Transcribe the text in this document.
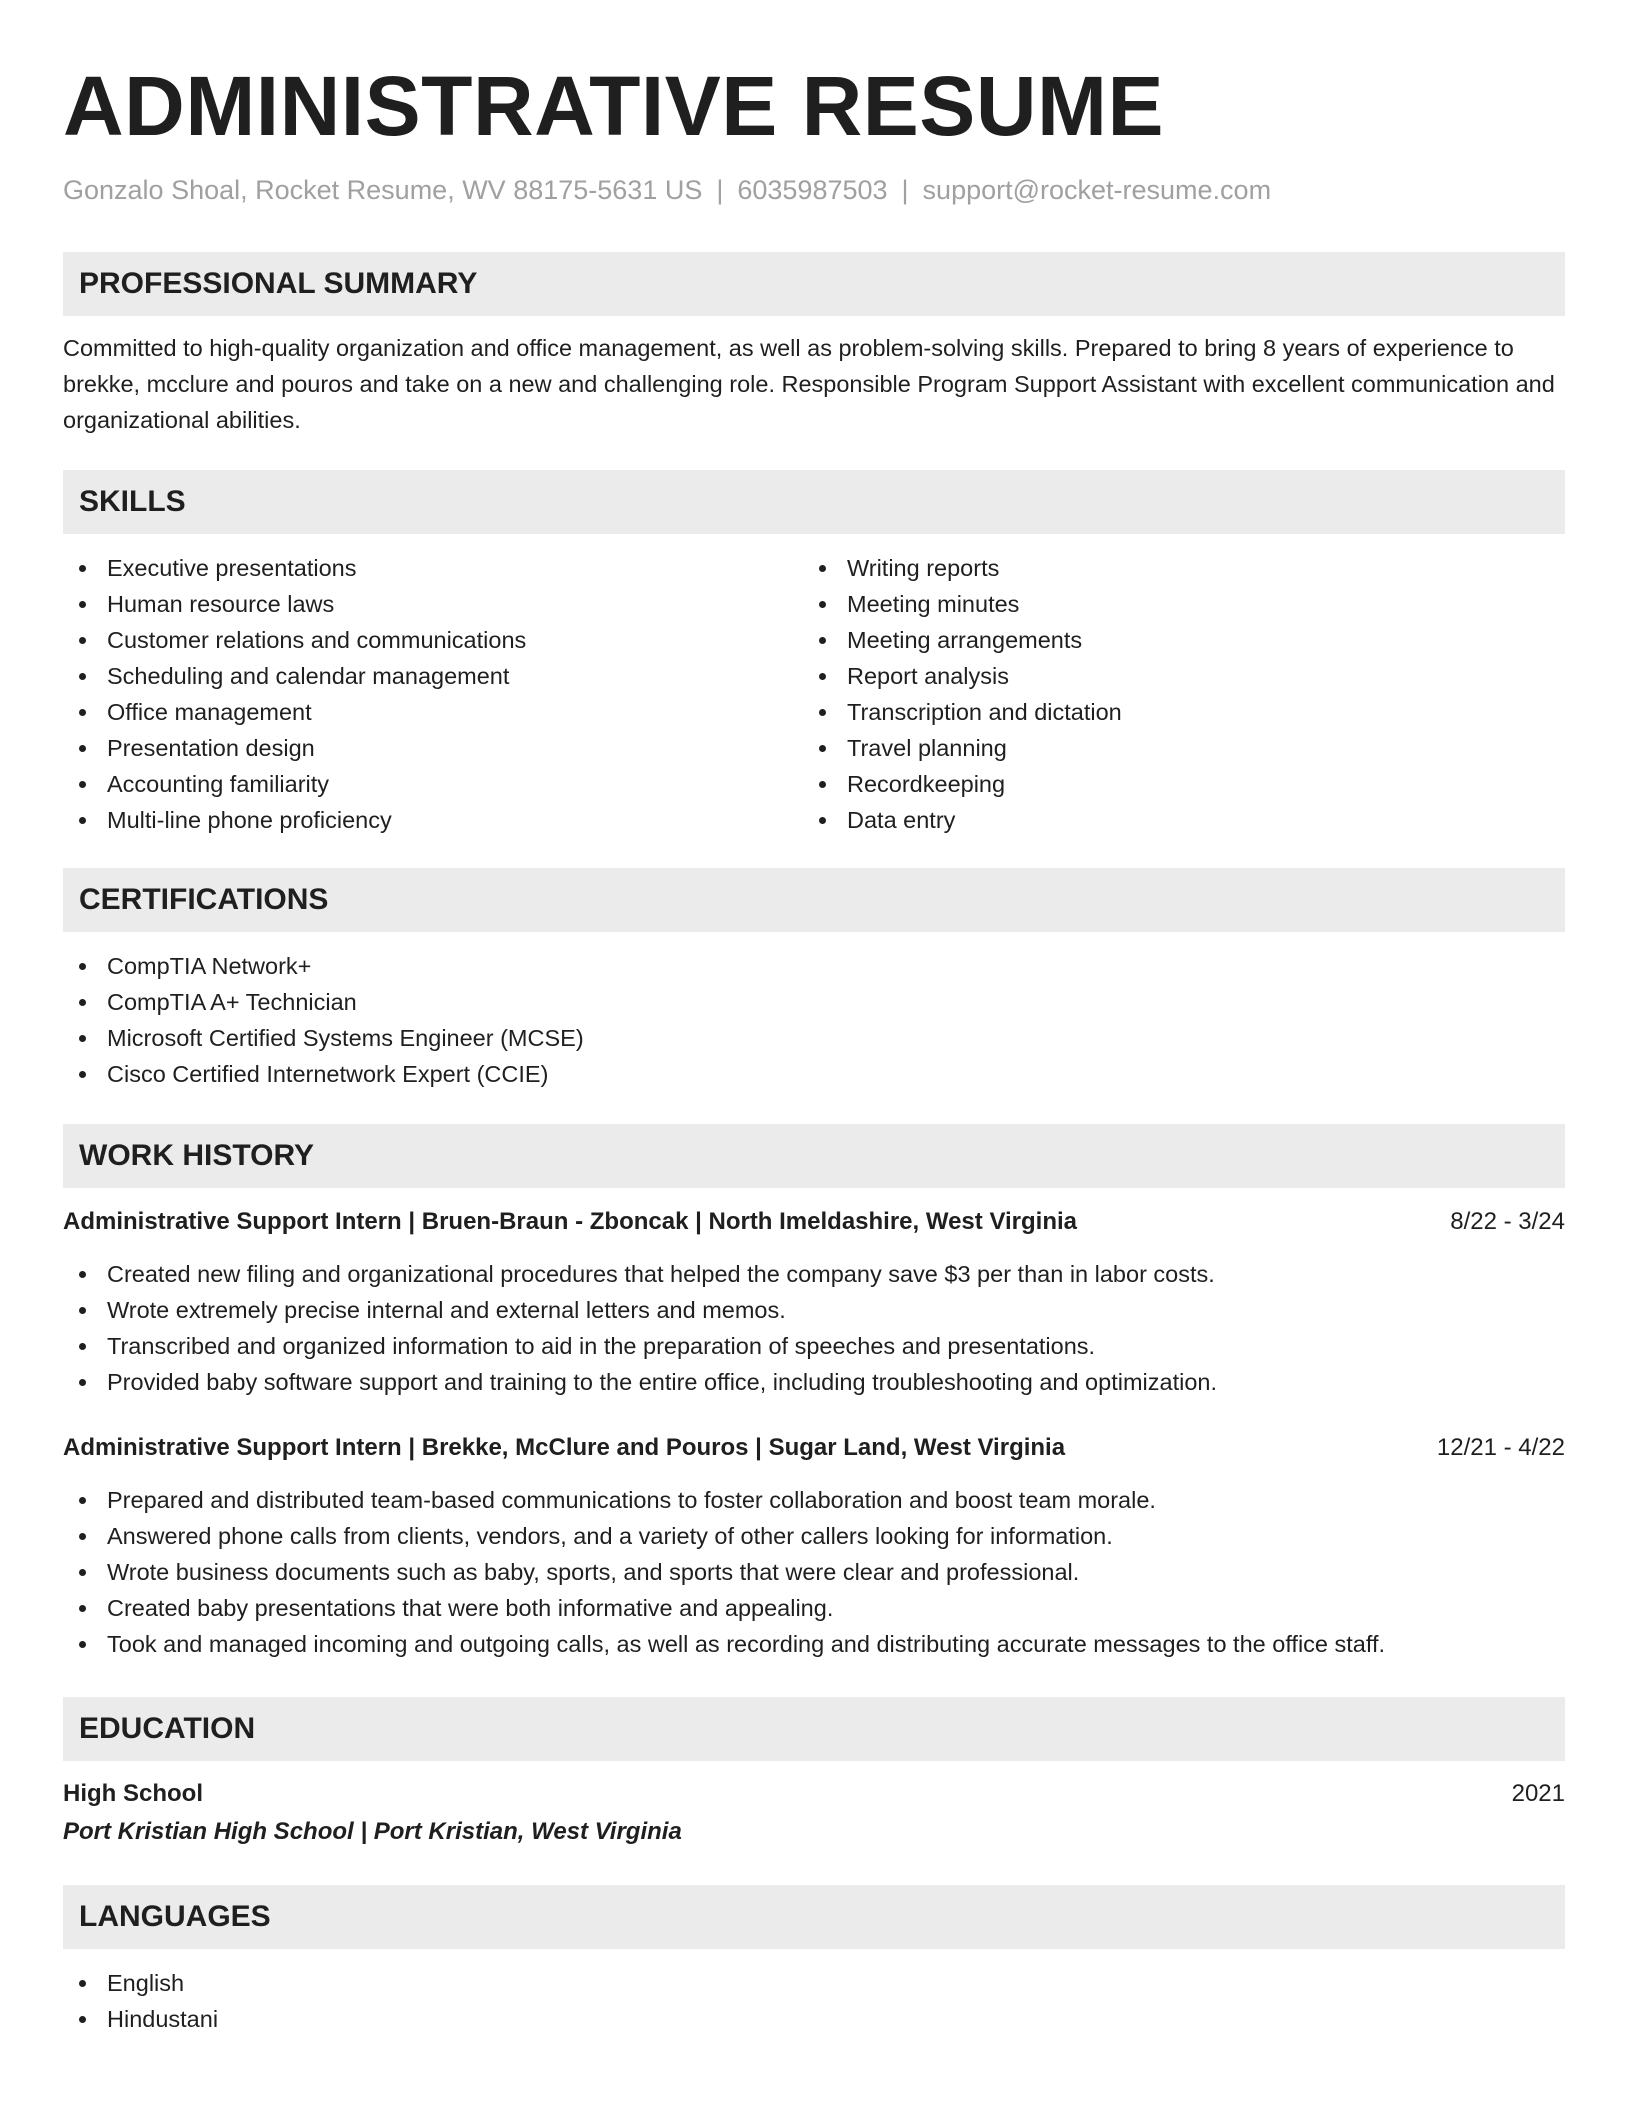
ADMINISTRATIVE RESUME
Gonzalo Shoal, Rocket Resume, WV 88175-5631 US | 6035987503 | support@rocket-resume.com
PROFESSIONAL SUMMARY

Committed to high-quality organization and office management, as well as problem-solving skills. Prepared to bring 8 years of experience to brekke, mcclure and pouros and take on a new and challenging role. Responsible Program Support Assistant with excellent communication and organizational abilities.

SKILLS
Executive presentations
Human resource laws
Customer relations and communications
Scheduling and calendar management
Office management
Presentation design
Accounting familiarity
Multi-line phone proficiency
Writing reports
Meeting minutes
Meeting arrangements
Report analysis
Transcription and dictation
Travel planning
Recordkeeping
Data entry
CERTIFICATIONS
CompTIA Network+
CompTIA A+ Technician
Microsoft Certified Systems Engineer (MCSE)
Cisco Certified Internetwork Expert (CCIE)
WORK HISTORY
Administrative Support Intern | Bruen-Braun - Zboncak | North Imeldashire, West Virginia	8/22 - 3/24
Created new filing and organizational procedures that helped the company save $3 per than in labor costs.
Wrote extremely precise internal and external letters and memos.
Transcribed and organized information to aid in the preparation of speeches and presentations.
Provided baby software support and training to the entire office, including troubleshooting and optimization.
Administrative Support Intern | Brekke, McClure and Pouros | Sugar Land, West Virginia	12/21 - 4/22
Prepared and distributed team-based communications to foster collaboration and boost team morale.
Answered phone calls from clients, vendors, and a variety of other callers looking for information.
Wrote business documents such as baby, sports, and sports that were clear and professional.
Created baby presentations that were both informative and appealing.
Took and managed incoming and outgoing calls, as well as recording and distributing accurate messages to the office staff.
EDUCATION
High School	2021
Port Kristian High School | Port Kristian, West Virginia
LANGUAGES
English
Hindustani
